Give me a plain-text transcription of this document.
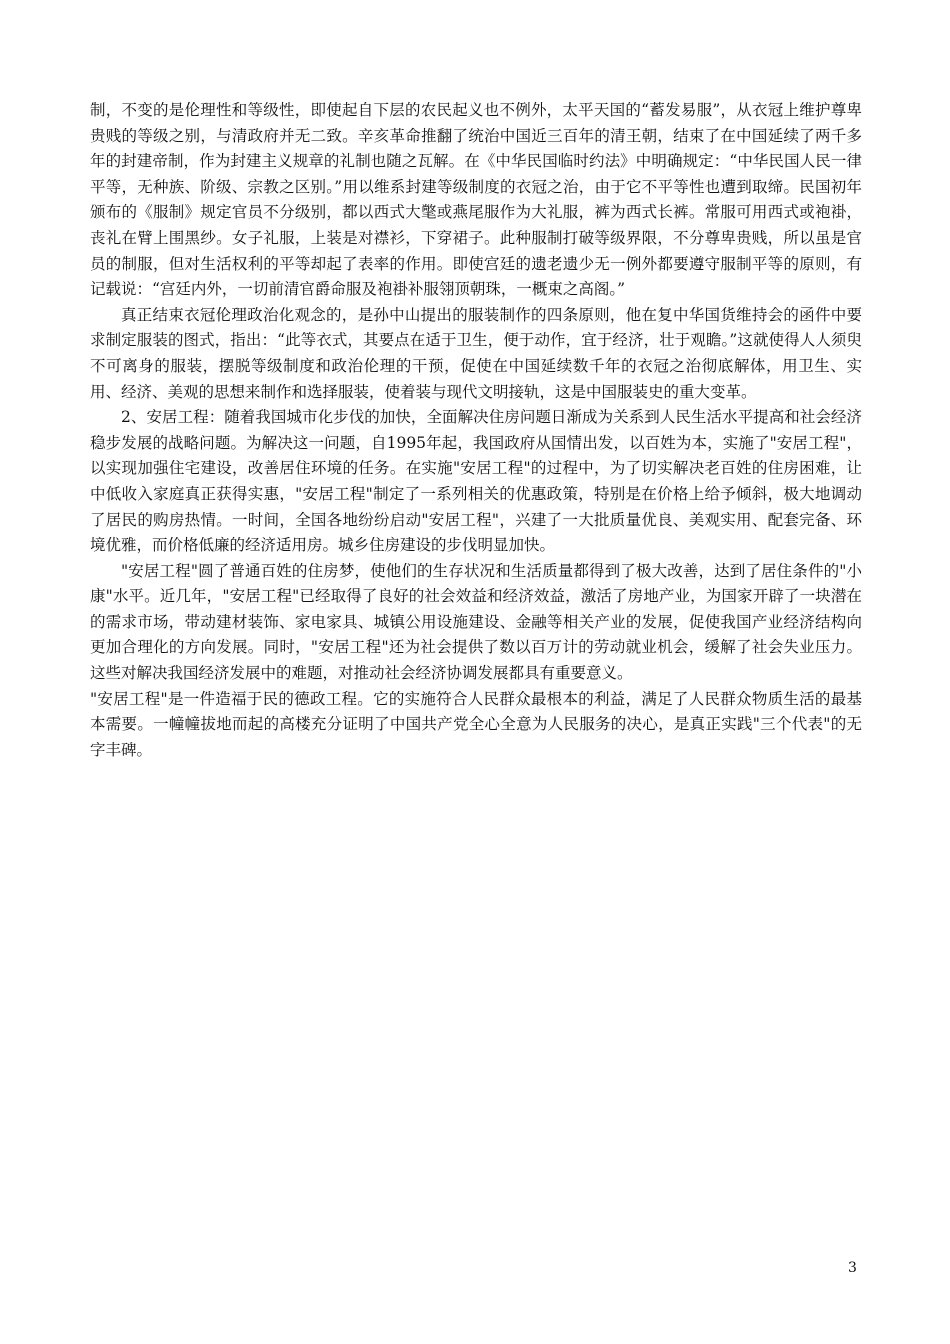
制，不变的是伦理性和等级性，即使起自下层的农民起义也不例外，太平天国的“蓄发易服”，从衣冠上维护尊卑贵贱的等级之别，与清政府并无二致。辛亥革命推翻了统治中国近三百年的清王朝，结束了在中国延续了两千多年的封建帝制，作为封建主义规章的礼制也随之瓦解。在《中华民国临时约法》中明确规定：“中华民国人民一律平等，无种族、阶级、宗教之区别。”用以维系封建等级制度的衣冠之治，由于它不平等性也遭到取缔。民国初年颁布的《服制》规定官员不分级别，都以西式大氅或燕尾服作为大礼服，裤为西式长裤。常服可用西式或袍褂，丧礼在臂上围黑纱。女子礼服，上装是对襟衫，下穿裙子。此种服制打破等级界限，不分尊卑贵贱，所以虽是官员的制服，但对生活权利的平等却起了表率的作用。即使宫廷的遗老遗少无一例外都要遵守服制平等的原则，有记载说：“宫廷内外，一切前清官爵命服及袍褂补服翎顶朝珠，一概束之高阁。”

真正结束衣冠伦理政治化观念的，是孙中山提出的服装制作的四条原则，他在复中华国货维持会的函件中要求制定服装的图式，指出：“此等衣式，其要点在适于卫生，便于动作，宜于经济，壮于观瞻。”这就使得人人须臾不可离身的服装，摆脱等级制度和政治伦理的干预，促使在中国延续数千年的衣冠之治彻底解体，用卫生、实用、经济、美观的思想来制作和选择服装，使着装与现代文明接轨，这是中国服装史的重大变革。

2、安居工程：随着我国城市化步伐的加快，全面解决住房问题日渐成为关系到人民生活水平提高和社会经济稳步发展的战略问题。为解决这一问题，自1995年起，我国政府从国情出发，以百姓为本，实施了"安居工程"，以实现加强住宅建设，改善居住环境的任务。在实施"安居工程"的过程中，为了切实解决老百姓的住房困难，让中低收入家庭真正获得实惠，"安居工程"制定了一系列相关的优惠政策，特别是在价格上给予倾斜，极大地调动了居民的购房热情。一时间，全国各地纷纷启动"安居工程"，兴建了一大批质量优良、美观实用、配套完备、环境优雅，而价格低廉的经济适用房。城乡住房建设的步伐明显加快。

"安居工程"圆了普通百姓的住房梦，使他们的生存状况和生活质量都得到了极大改善，达到了居住条件的"小康"水平。近几年，"安居工程"已经取得了良好的社会效益和经济效益，激活了房地产业，为国家开辟了一块潜在的需求市场，带动建材装饰、家电家具、城镇公用设施建设、金融等相关产业的发展，促使我国产业经济结构向更加合理化的方向发展。同时，"安居工程"还为社会提供了数以百万计的劳动就业机会，缓解了社会失业压力。这些对解决我国经济发展中的难题，对推动社会经济协调发展都具有重要意义。

"安居工程"是一件造福于民的德政工程。它的实施符合人民群众最根本的利益，满足了人民群众物质生活的最基本需要。一幢幢拔地而起的高楼充分证明了中国共产党全心全意为人民服务的决心，是真正实践"三个代表"的无字丰碑。

3
